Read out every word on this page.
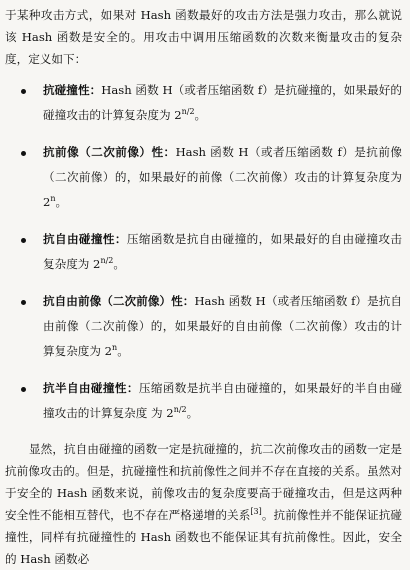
于某种攻击方式，如果对 Hash 函数最好的攻击方法是强力攻击，那么就说该 Hash 函数是安全的。用攻击中调用压缩函数的次数来衡量攻击的复杂度，定义如下：

抗碰撞性：Hash 函数 H（或者压缩函数 f）是抗碰撞的，如果最好的碰撞攻击的计算复杂度为 $2^{n/2}$。
抗前像（二次前像）性：Hash 函数 H（或者压缩函数 f）是抗前像（二次前像）的，如果最好的前像（二次前像）攻击的计算复杂度为 2$^n$。
抗自由碰撞性：压缩函数是抗自由碰撞的，如果最好的自由碰撞攻击复杂度为 $2^{n/2}$。
抗自由前像（二次前像）性：Hash 函数 H（或者压缩函数 f）是抗自由前像（二次前像）的，如果最好的自由前像（二次前像）攻击的计算复杂度为 2$^n$。
抗半自由碰撞性：压缩函数是抗半自由碰撞的，如果最好的半自由碰撞攻击的计算复杂度 为 $2^{n/2}$。

显然，抗自由碰撞的函数一定是抗碰撞的，抗二次前像攻击的函数一定是抗前像攻击的。但是，抗碰撞性和抗前像性之间并不存在直接的关系。虽然对于安全的 Hash 函数来说，前像攻击的复杂度要高于碰撞攻击，但是这两种安全性不能相互替代，也不存在严格递增的关系[3]。抗前像性并不能保证抗碰撞性，同样有抗碰撞性的 Hash 函数也不能保证其有抗前像性。因此，安全的 Hash 函数必
